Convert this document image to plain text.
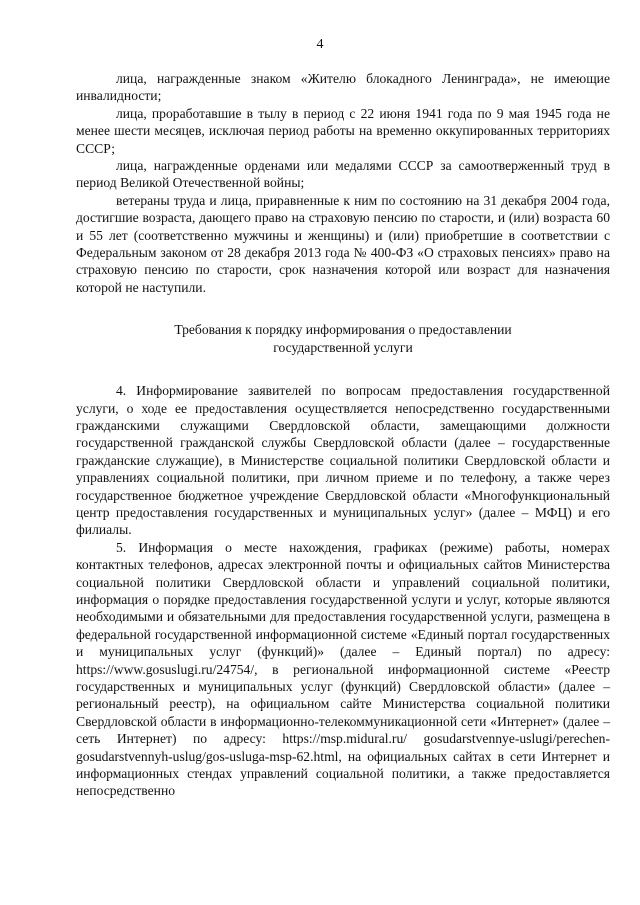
4

лица, награжденные знаком «Жителю блокадного Ленинграда», не имеющие инвалидности;

лица, проработавшие в тылу в период с 22 июня 1941 года по 9 мая 1945 года не менее шести месяцев, исключая период работы на временно оккупированных территориях СССР;

лица, награжденные орденами или медалями СССР за самоотверженный труд в период Великой Отечественной войны;

ветераны труда и лица, приравненные к ним по состоянию на 31 декабря 2004 года, достигшие возраста, дающего право на страховую пенсию по старости, и (или) возраста 60 и 55 лет (соответственно мужчины и женщины) и (или) приобретшие в соответствии с Федеральным законом от 28 декабря 2013 года № 400-ФЗ «О страховых пенсиях» право на страховую пенсию по старости, срок назначения которой или возраст для назначения которой не наступили.

Требования к порядку информирования о предоставлении
государственной услуги

4. Информирование заявителей по вопросам предоставления государственной услуги, о ходе ее предоставления осуществляется непосредственно государственными гражданскими служащими Свердловской области, замещающими должности государственной гражданской службы Свердловской области (далее – государственные гражданские служащие), в Министерстве социальной политики Свердловской области и управлениях социальной политики, при личном приеме и по телефону, а также через государственное бюджетное учреждение Свердловской области «Многофункциональный центр предоставления государственных и муниципальных услуг» (далее – МФЦ) и его филиалы.

5. Информация о месте нахождения, графиках (режиме) работы, номерах контактных телефонов, адресах электронной почты и официальных сайтов Министерства социальной политики Свердловской области и управлений социальной политики, информация о порядке предоставления государственной услуги и услуг, которые являются необходимыми и обязательными для предоставления государственной услуги, размещена в федеральной государственной информационной системе «Единый портал государственных и муниципальных услуг (функций)» (далее – Единый портал) по адресу: https://www.gosuslugi.ru/24754/, в региональной информационной системе «Реестр государственных и муниципальных услуг (функций) Свердловской области» (далее – региональный реестр), на официальном сайте Министерства социальной политики Свердловской области в информационно-телекоммуникационной сети «Интернет» (далее – сеть Интернет) по адресу: https://msp.midural.ru/ gosudarstvennye-uslugi/perechen-gosudarstvennyh-uslug/gos-usluga-msp-62.html, на официальных сайтах в сети Интернет и информационных стендах управлений социальной политики, а также предоставляется непосредственно
